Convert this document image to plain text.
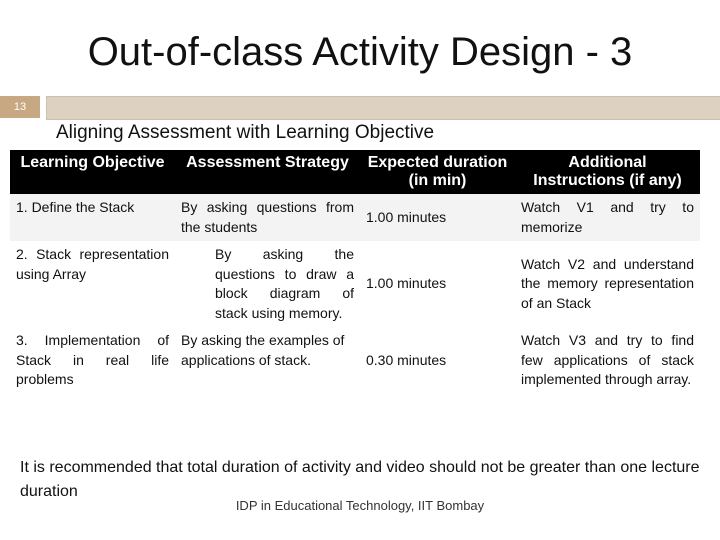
Out-of-class Activity Design - 3
13
Aligning Assessment with Learning Objective
Learning Objective	Assessment Strategy	Expected duration (in min)	Additional Instructions (if any)
1. Define the Stack	By asking questions from the students	1.00 minutes	Watch V1 and try to memorize
2. Stack representation using Array	By asking the questions to draw a block diagram of stack using memory.	1.00 minutes	Watch V2 and understand the memory representation of an Stack
3. Implementation of Stack in real life problems	By asking the examples of applications of stack.	0.30 minutes	Watch V3 and try to find few applications of stack implemented through array.
It is recommended that total duration of activity and video should not be greater than one lecture duration
IDP in Educational Technology, IIT Bombay
